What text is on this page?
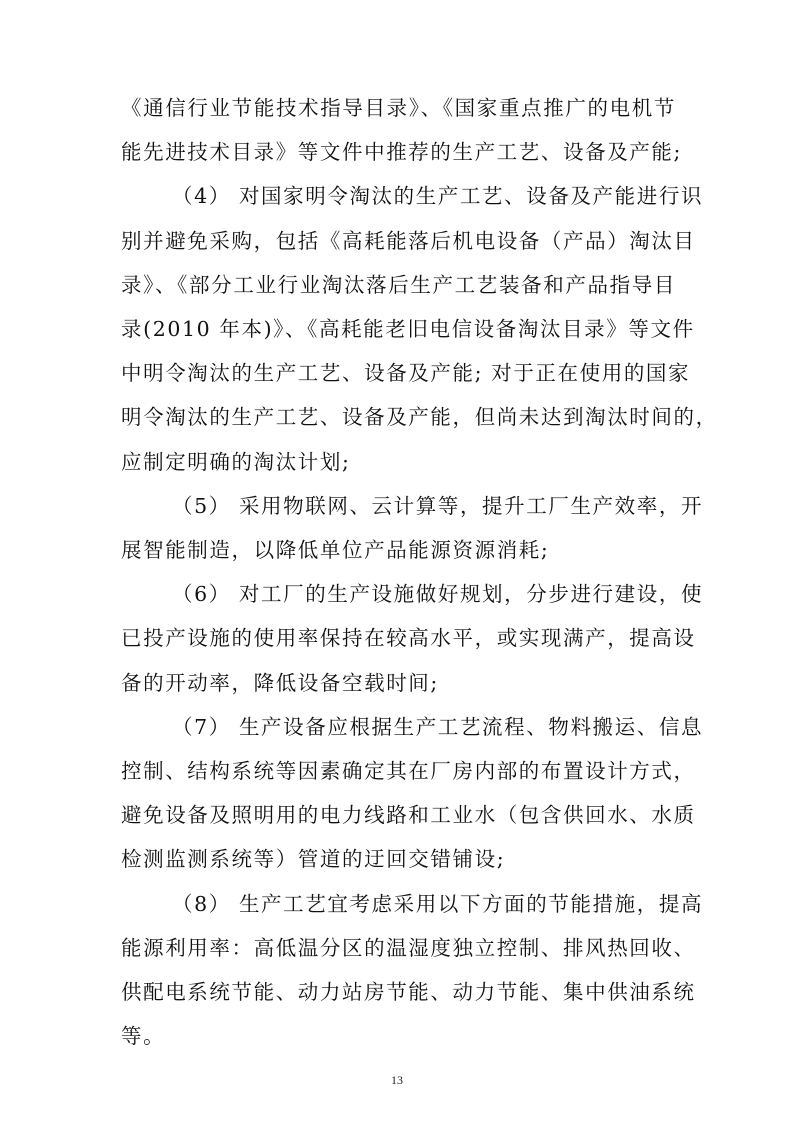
《通信行业节能技术指导目录》、《国家重点推广的电机节
能先进技术目录》等文件中推荐的生产工艺、设备及产能;
（4） 对国家明令淘汰的生产工艺、设备及产能进行识
别并避免采购，包括《高耗能落后机电设备（产品）淘汰目
录》、《部分工业行业淘汰落后生产工艺装备和产品指导目
录(2010 年本)》、《高耗能老旧电信设备淘汰目录》等文件
中明令淘汰的生产工艺、设备及产能; 对于正在使用的国家
明令淘汰的生产工艺、设备及产能，但尚未达到淘汰时间的，
应制定明确的淘汰计划;
（5） 采用物联网、云计算等，提升工厂生产效率，开
展智能制造，以降低单位产品能源资源消耗;
（6） 对工厂的生产设施做好规划，分步进行建设，使
已投产设施的使用率保持在较高水平，或实现满产，提高设
备的开动率，降低设备空载时间;
（7） 生产设备应根据生产工艺流程、物料搬运、信息
控制、结构系统等因素确定其在厂房内部的布置设计方式，
避免设备及照明用的电力线路和工业水（包含供回水、水质
检测监测系统等）管道的迂回交错铺设;
（8） 生产工艺宜考虑采用以下方面的节能措施，提高
能源利用率：高低温分区的温湿度独立控制、排风热回收、
供配电系统节能、动力站房节能、动力节能、集中供油系统
等。
13
